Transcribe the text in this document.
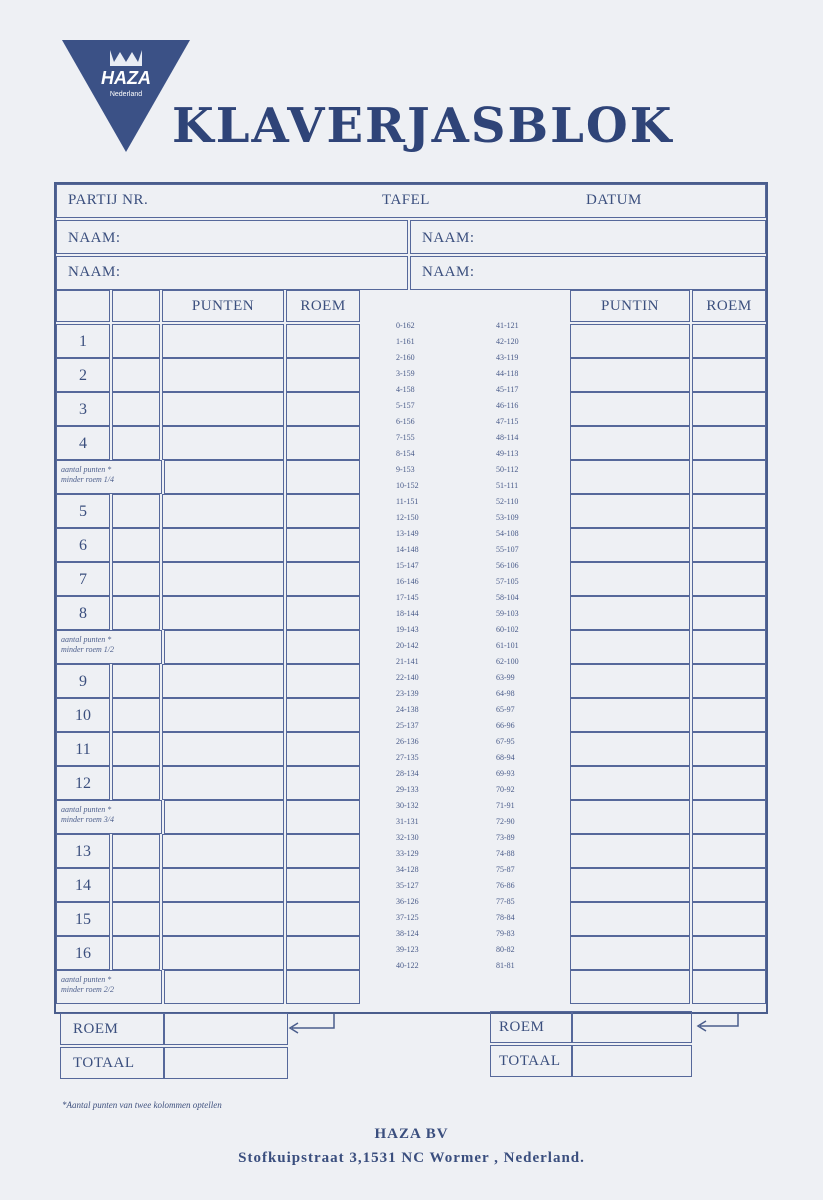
HAZA
Nederland
KLAVERJASBLOK
PARTIJ NR.	TAFEL	DATUM
NAAM:	NAAM:
NAAM:	NAAM:
PUNTEN	ROEM	PUNTIN	ROEM
1
2
3
4
aantal punten *
minder roem 1/4
5
6
7
8
aantal punten *
minder roem 1/2
9
10
11
12
aantal punten *
minder roem 3/4
13
14
15
16
aantal punten *
minder roem 2/2
0-162	41-121
1-161	42-120
2-160	43-119
3-159	44-118
4-158	45-117
5-157	46-116
6-156	47-115
7-155	48-114
8-154	49-113
9-153	50-112
10-152	51-111
11-151	52-110
12-150	53-109
13-149	54-108
14-148	55-107
15-147	56-106
16-146	57-105
17-145	58-104
18-144	59-103
19-143	60-102
20-142	61-101
21-141	62-100
22-140	63-99
23-139	64-98
24-138	65-97
25-137	66-96
26-136	67-95
27-135	68-94
28-134	69-93
29-133	70-92
30-132	71-91
31-131	72-90
32-130	73-89
33-129	74-88
34-128	75-87
35-127	76-86
36-126	77-85
37-125	78-84
38-124	79-83
39-123	80-82
40-122	81-81
ROEM
TOTAAL
ROEM
TOTAAL
*Aantal punten van twee kolommen optellen
HAZA BV
Stofkuipstraat 3,1531 NC Wormer , Nederland.
